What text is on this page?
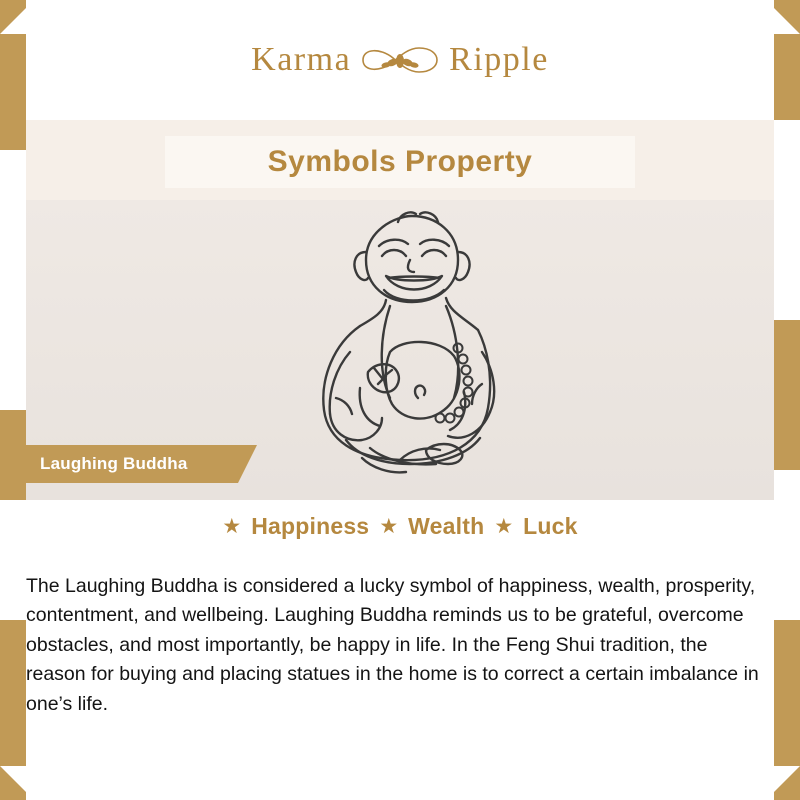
Karma	Ripple
Symbols Property
Laughing Buddha
★ Happiness ★ Wealth ★ Luck

The Laughing Buddha is considered a lucky symbol of happiness, wealth, prosperity, contentment, and wellbeing. Laughing Buddha reminds us to be grateful, overcome obstacles, and most importantly, be happy in life. In the Feng Shui tradition, the reason for buying and placing statues in the home is to correct a certain imbalance in one’s life.
